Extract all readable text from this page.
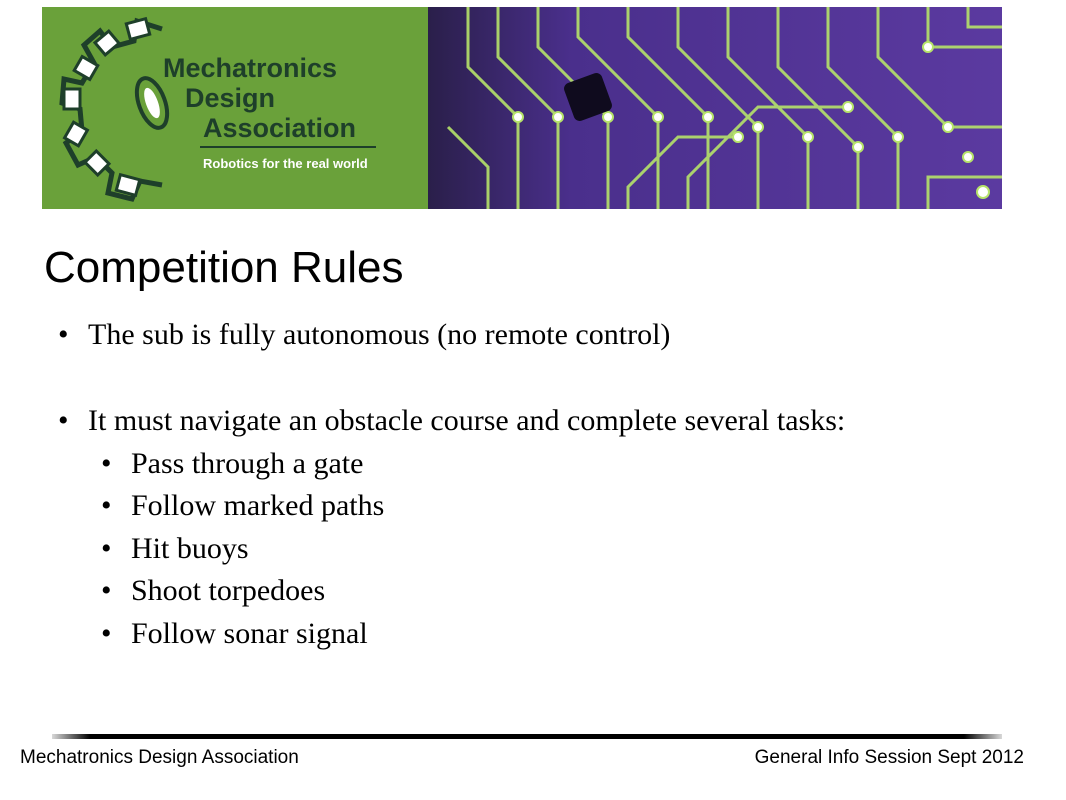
Mechatronics
Design
Association
Robotics for the real world
Competition Rules
• The sub is fully autonomous (no remote control)
• It must navigate an obstacle course and complete several tasks:
• Pass through a gate
• Follow marked paths
• Hit buoys
• Shoot torpedoes
• Follow sonar signal
Mechatronics Design Association	General Info Session Sept 2012
